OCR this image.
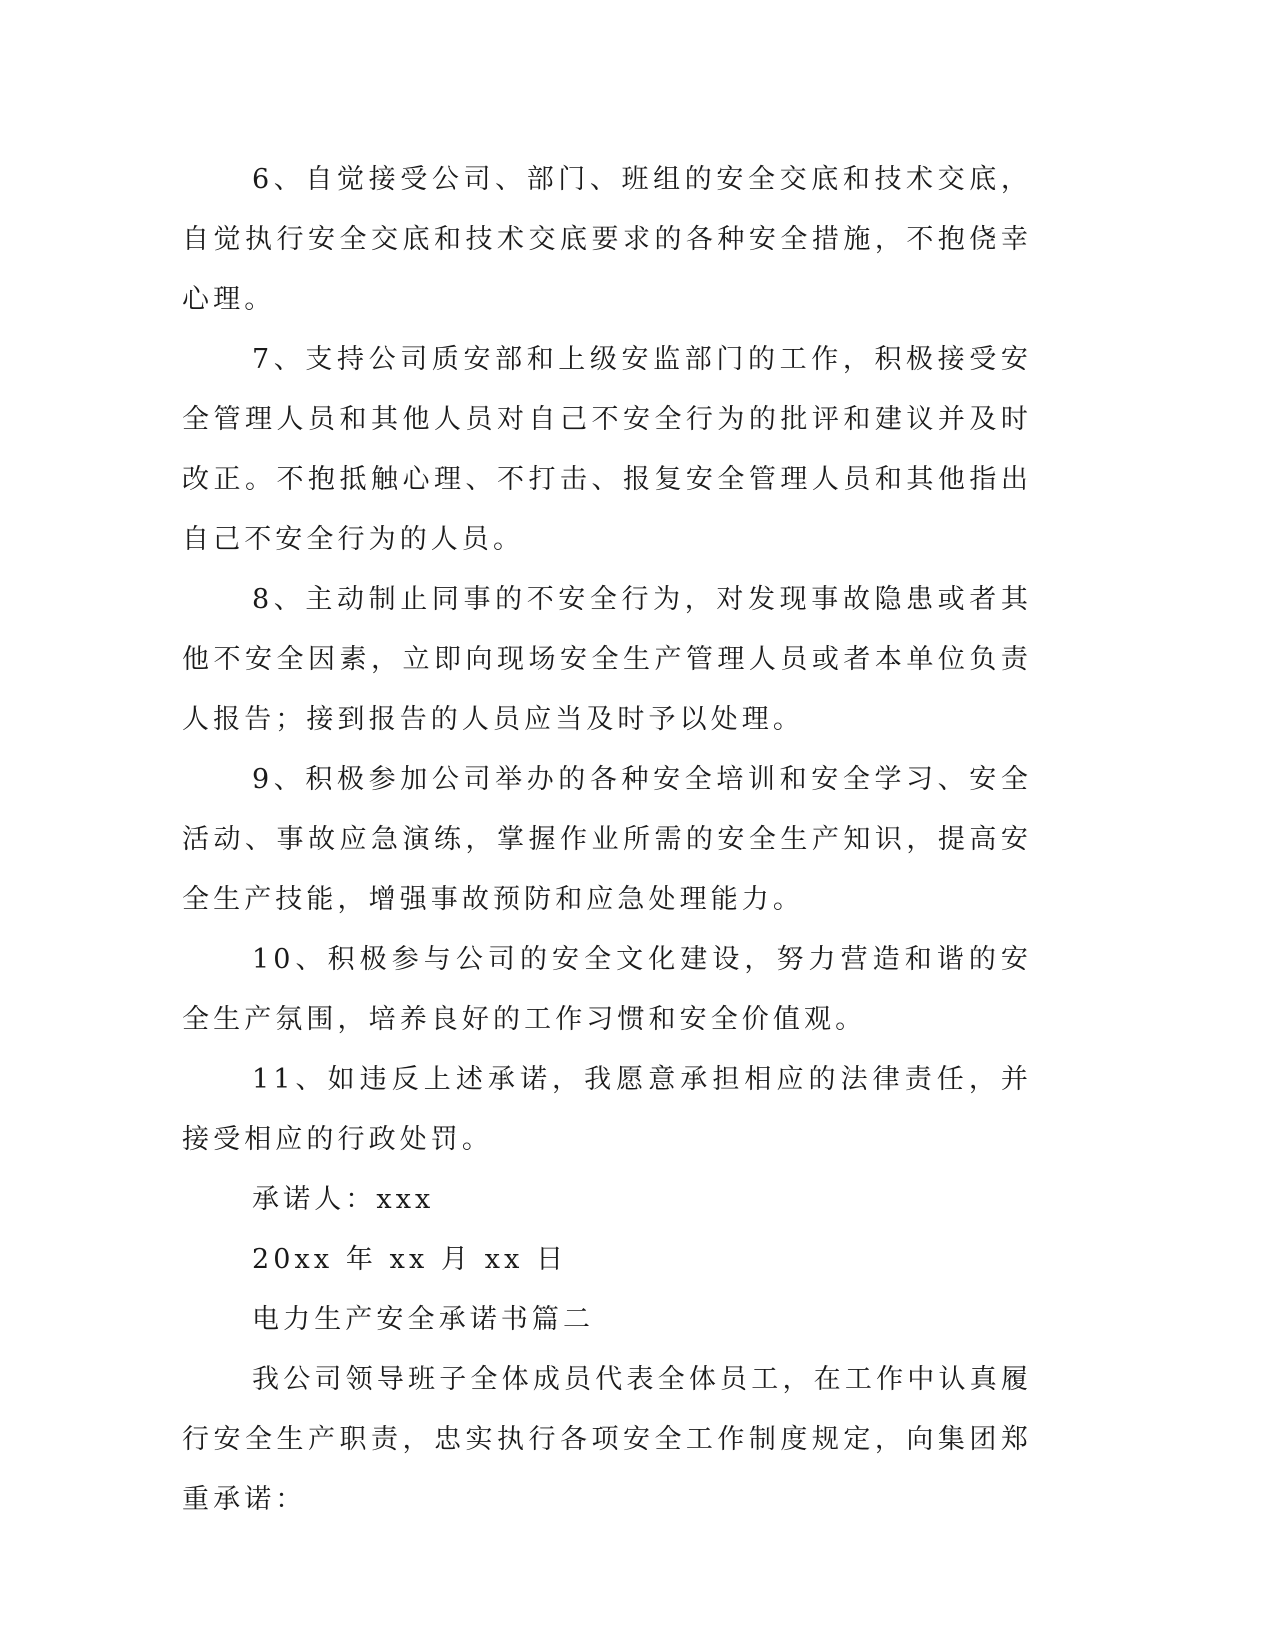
6、自觉接受公司、部门、班组的安全交底和技术交底，自觉执行安全交底和技术交底要求的各种安全措施，不抱侥幸心理。

7、支持公司质安部和上级安监部门的工作，积极接受安全管理人员和其他人员对自己不安全行为的批评和建议并及时改正。不抱抵触心理、不打击、报复安全管理人员和其他指出自己不安全行为的人员。

8、主动制止同事的不安全行为，对发现事故隐患或者其他不安全因素，立即向现场安全生产管理人员或者本单位负责人报告；接到报告的人员应当及时予以处理。

9、积极参加公司举办的各种安全培训和安全学习、安全活动、事故应急演练，掌握作业所需的安全生产知识，提高安全生产技能，增强事故预防和应急处理能力。

10、积极参与公司的安全文化建设，努力营造和谐的安全生产氛围，培养良好的工作习惯和安全价值观。

11、如违反上述承诺，我愿意承担相应的法律责任，并接受相应的行政处罚。

承诺人：xxx

20xx 年 xx 月 xx 日

电力生产安全承诺书篇二

我公司领导班子全体成员代表全体员工，在工作中认真履行安全生产职责，忠实执行各项安全工作制度规定，向集团郑重承诺：
